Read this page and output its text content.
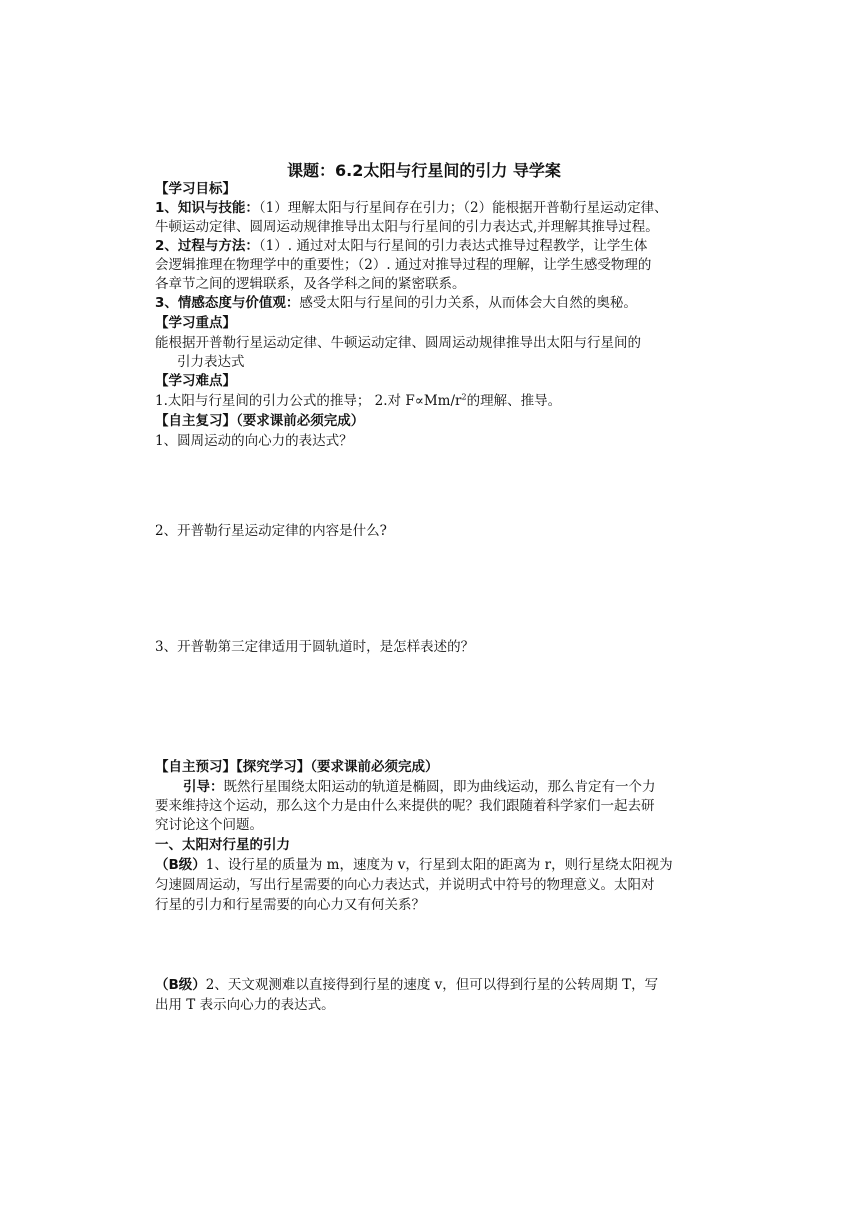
课题：6.2太阳与行星间的引力 导学案
【学习目标】
1、知识与技能：（1）理解太阳与行星间存在引力；（2）能根据开普勒行星运动定律、
牛顿运动定律、圆周运动规律推导出太阳与行星间的引力表达式,并理解其推导过程。
2、过程与方法：（1）. 通过对太阳与行星间的引力表达式推导过程教学，让学生体
会逻辑推理在物理学中的重要性；（2）. 通过对推导过程的理解，让学生感受物理的
各章节之间的逻辑联系，及各学科之间的紧密联系。
3、情感态度与价值观：感受太阳与行星间的引力关系，从而体会大自然的奥秘。
【学习重点】
能根据开普勒行星运动定律、牛顿运动定律、圆周运动规律推导出太阳与行星间的
引力表达式
【学习难点】
1.太阳与行星间的引力公式的推导； 2.对 $F\propto Mm/r^2$的理解、推导。
【自主复习】（要求课前必须完成）
1、圆周运动的向心力的表达式？
2、开普勒行星运动定律的内容是什么?
3、开普勒第三定律适用于圆轨道时，是怎样表述的？
【自主预习】【探究学习】（要求课前必须完成）
引导：既然行星围绕太阳运动的轨道是椭圆，即为曲线运动，那么肯定有一个力
要来维持这个运动，那么这个力是由什么来提供的呢？我们跟随着科学家们一起去研
究讨论这个问题。
一、太阳对行星的引力
（B级）1、设行星的质量为 m，速度为 v，行星到太阳的距离为 r，则行星绕太阳视为
匀速圆周运动，写出行星需要的向心力表达式，并说明式中符号的物理意义。太阳对
行星的引力和行星需要的向心力又有何关系？
（B级）2、天文观测难以直接得到行星的速度 v，但可以得到行星的公转周期 T，写
出用 T 表示向心力的表达式。
